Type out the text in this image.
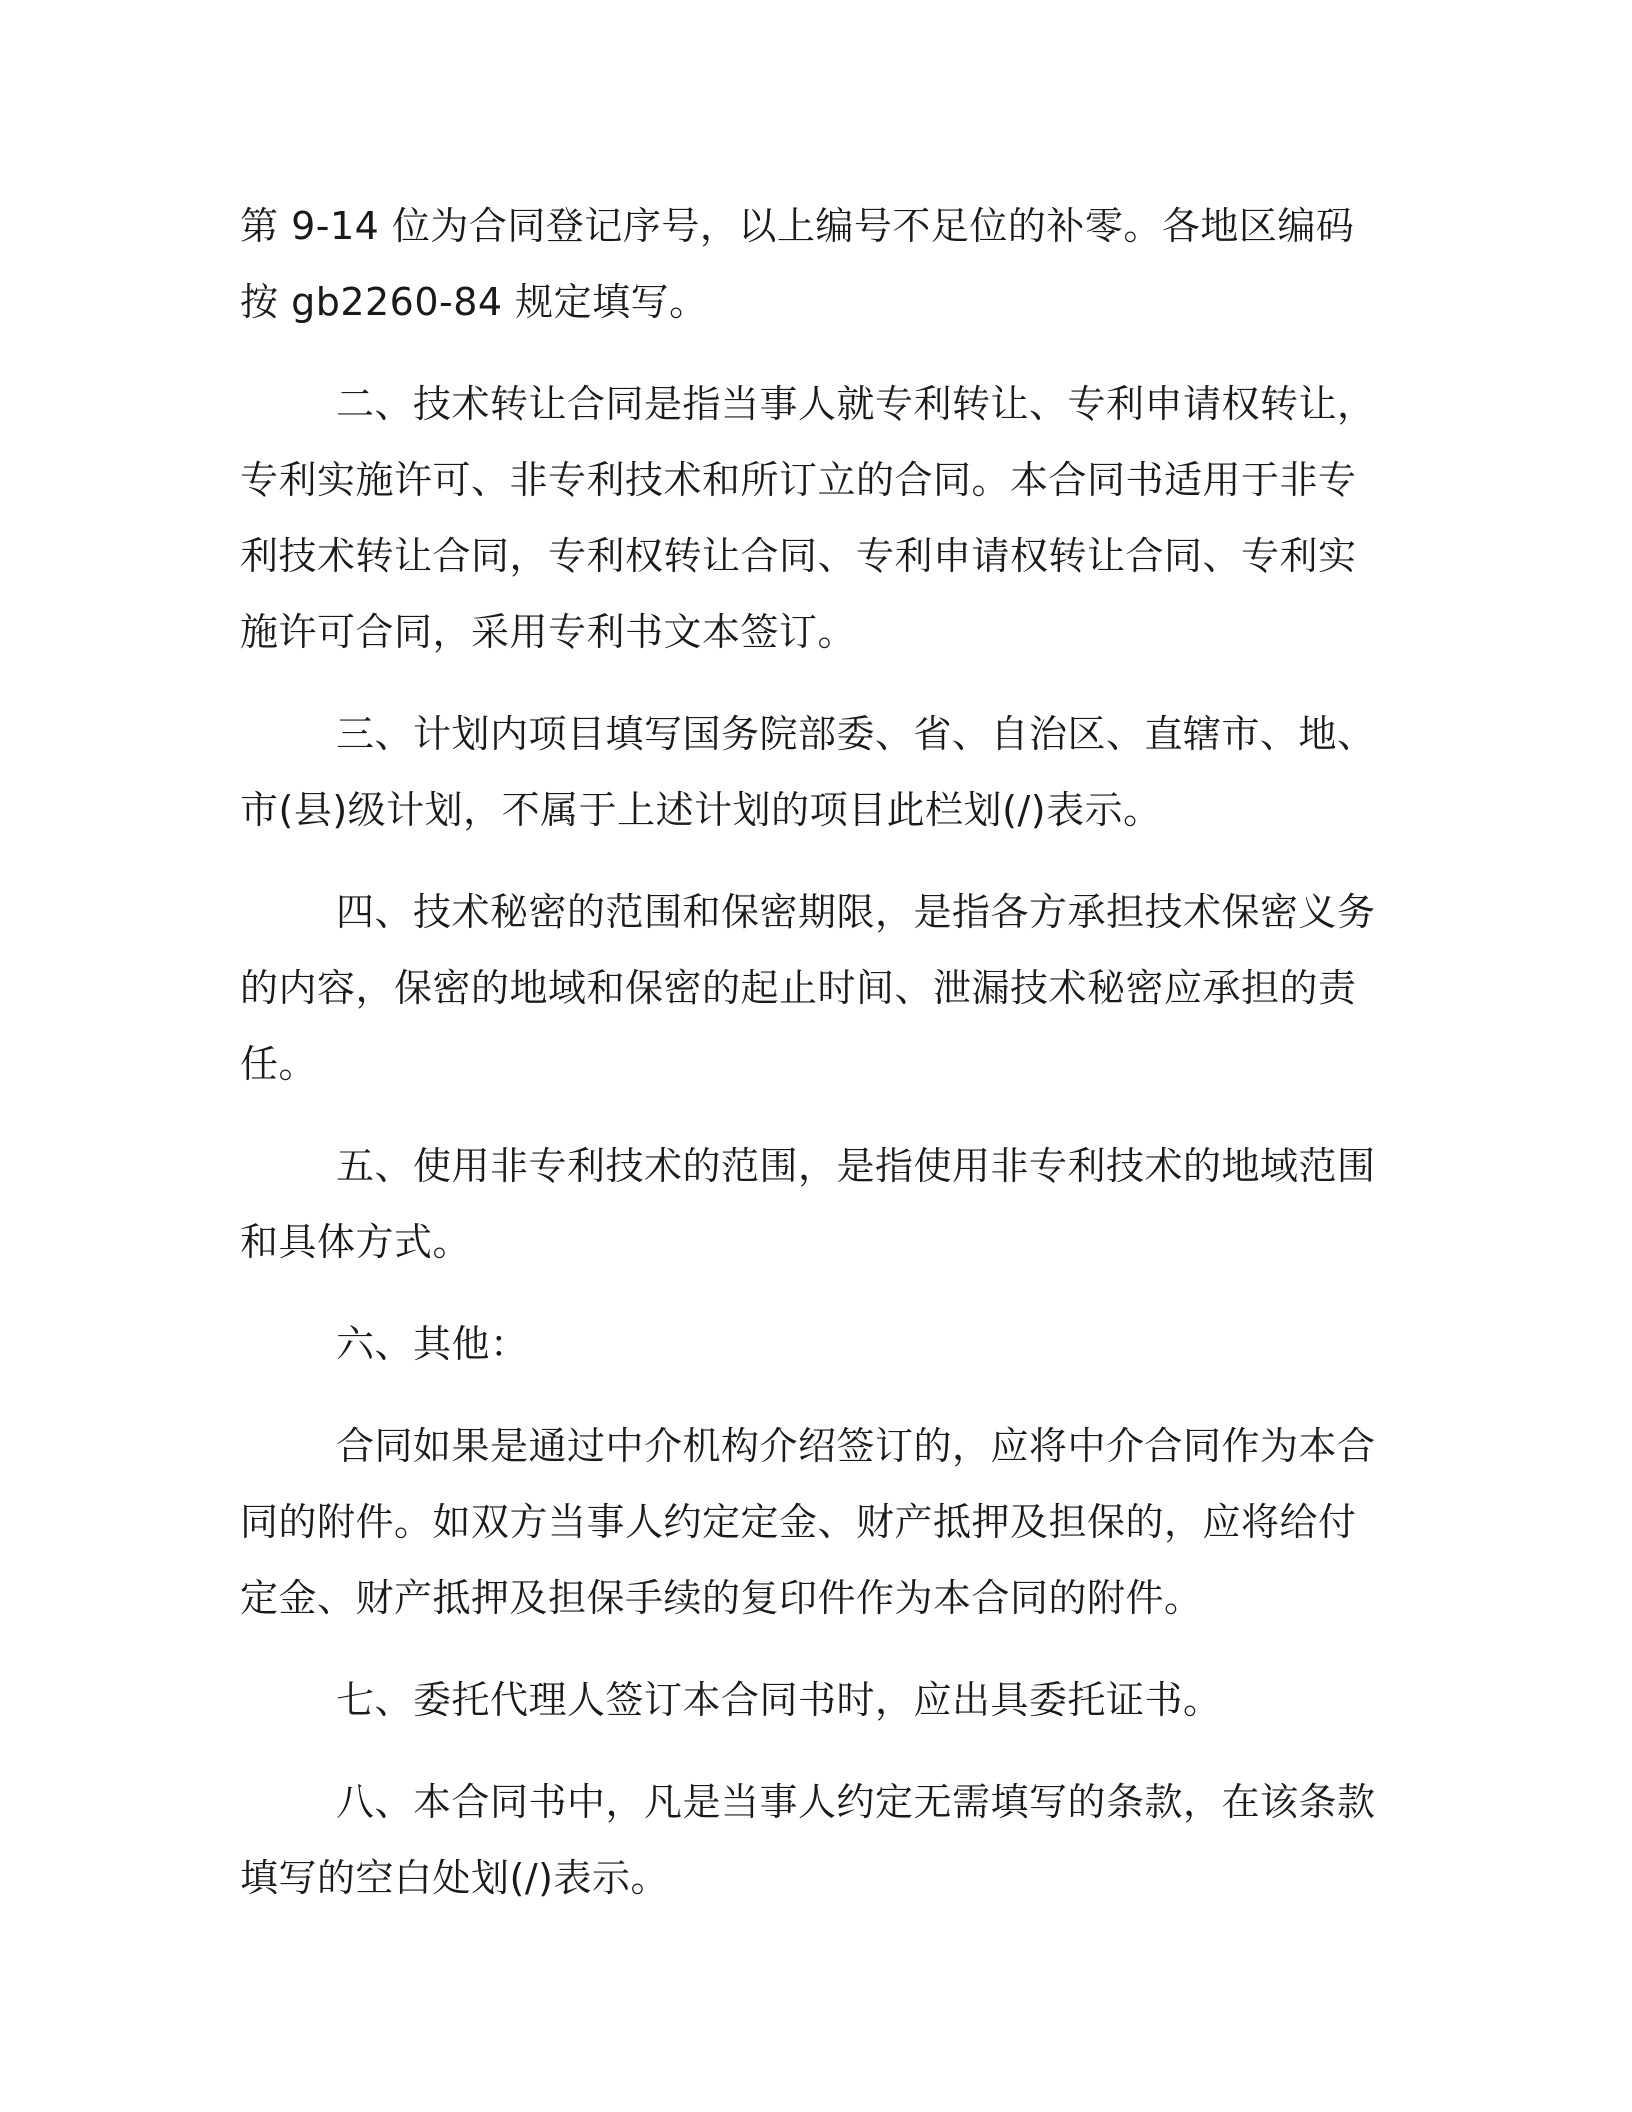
第 9-14 位为合同登记序号，以上编号不足位的补零。各地区编码按 gb2260-84 规定填写。

二、技术转让合同是指当事人就专利转让、专利申请权转让，专利实施许可、非专利技术和所订立的合同。本合同书适用于非专利技术转让合同，专利权转让合同、专利申请权转让合同、专利实施许可合同，采用专利书文本签订。

三、计划内项目填写国务院部委、省、自治区、直辖市、地、市(县)级计划，不属于上述计划的项目此栏划(/)表示。

四、技术秘密的范围和保密期限，是指各方承担技术保密义务的内容，保密的地域和保密的起止时间、泄漏技术秘密应承担的责任。

五、使用非专利技术的范围，是指使用非专利技术的地域范围和具体方式。

六、其他：

合同如果是通过中介机构介绍签订的，应将中介合同作为本合同的附件。如双方当事人约定定金、财产抵押及担保的，应将给付定金、财产抵押及担保手续的复印件作为本合同的附件。

七、委托代理人签订本合同书时，应出具委托证书。

八、本合同书中，凡是当事人约定无需填写的条款，在该条款填写的空白处划(/)表示。
